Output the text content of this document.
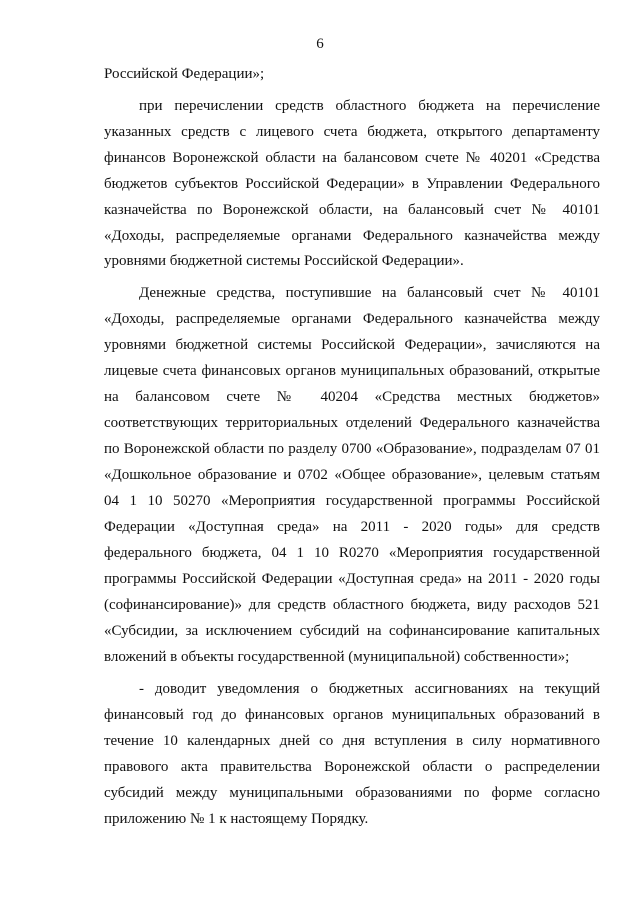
6
Российской Федерации»;
при перечислении средств областного бюджета на перечисление
указанных средств с лицевого счета бюджета, открытого департаменту
финансов Воронежской области на балансовом счете № 40201 «Средства
бюджетов субъектов Российской Федерации» в Управлении Федерального
казначейства по Воронежской области, на балансовый счет № 40101
«Доходы, распределяемые органами Федерального казначейства между
уровнями бюджетной системы Российской Федерации».
Денежные средства, поступившие на балансовый счет № 40101
«Доходы, распределяемые органами Федерального казначейства между
уровнями бюджетной системы Российской Федерации», зачисляются на
лицевые счета финансовых органов муниципальных образований, открытые
на балансовом счете № 40204 «Средства местных бюджетов»
соответствующих территориальных отделений Федерального казначейства
по Воронежской области по разделу 0700 «Образование», подразделам 07 01
«Дошкольное образование и 0702 «Общее образование», целевым статьям
04 1 10 50270 «Мероприятия государственной программы Российской
Федерации «Доступная среда» на 2011 - 2020 годы» для средств
федерального бюджета, 04 1 10 R0270 «Мероприятия государственной
программы Российской Федерации «Доступная среда» на 2011 - 2020 годы
(софинансирование)» для средств областного бюджета, виду расходов 521
«Субсидии, за исключением субсидий на софинансирование капитальных
вложений в объекты государственной (муниципальной) собственности»;
- доводит уведомления о бюджетных ассигнованиях на текущий
финансовый год до финансовых органов муниципальных образований в
течение 10 календарных дней со дня вступления в силу нормативного
правового акта правительства Воронежской области о распределении
субсидий между муниципальными образованиями по форме согласно
приложению № 1 к настоящему Порядку.
